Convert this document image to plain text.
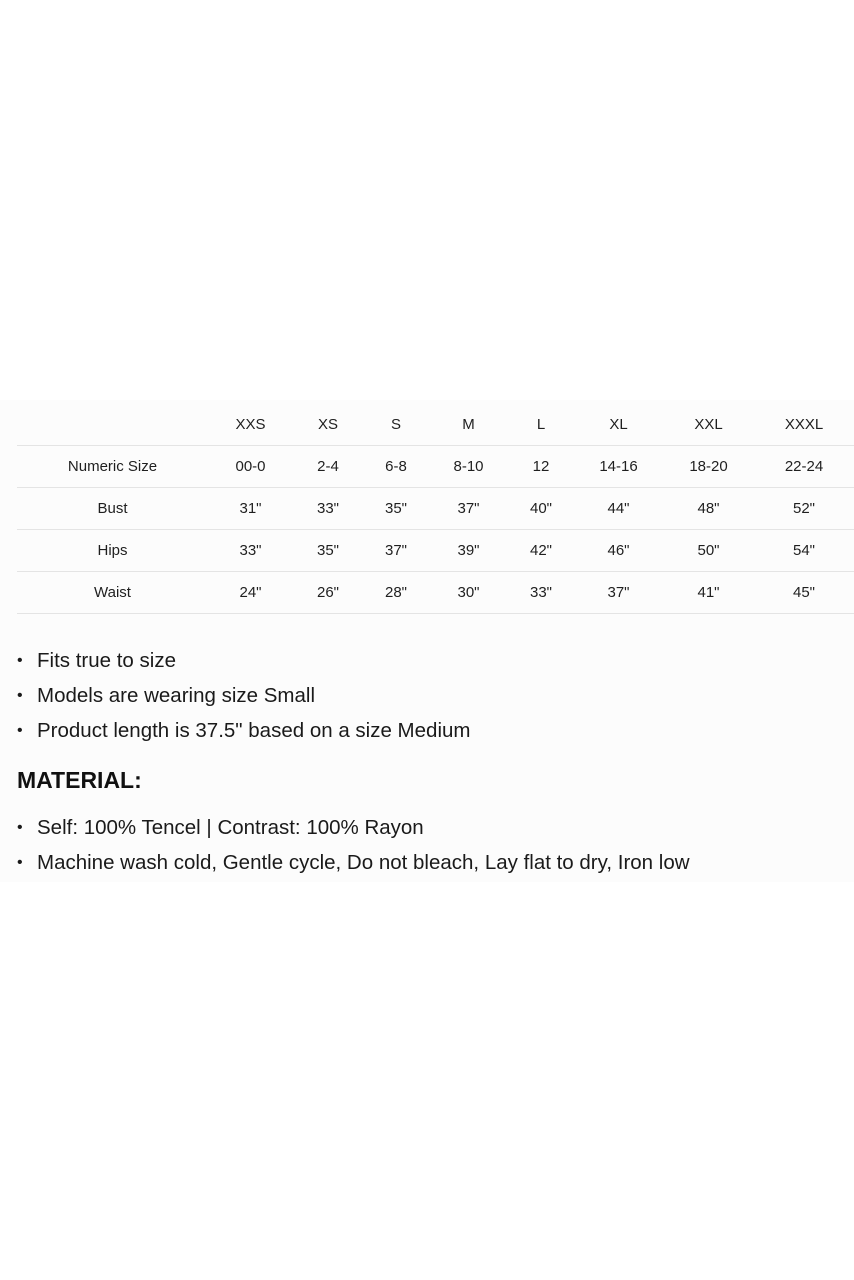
	XXS	XS	S	M	L	XL	XXL	XXXL
Numeric Size	00-0	2-4	6-8	8-10	12	14-16	18-20	22-24
Bust	31"	33"	35"	37"	40"	44"	48"	52"
Hips	33"	35"	37"	39"	42"	46"	50"	54"
Waist	24"	26"	28"	30"	33"	37"	41"	45"
• Fits true to size
• Models are wearing size Small
• Product length is 37.5" based on a size Medium
MATERIAL:
• Self: 100% Tencel | Contrast: 100% Rayon
• Machine wash cold, Gentle cycle, Do not bleach, Lay flat to dry, Iron low
